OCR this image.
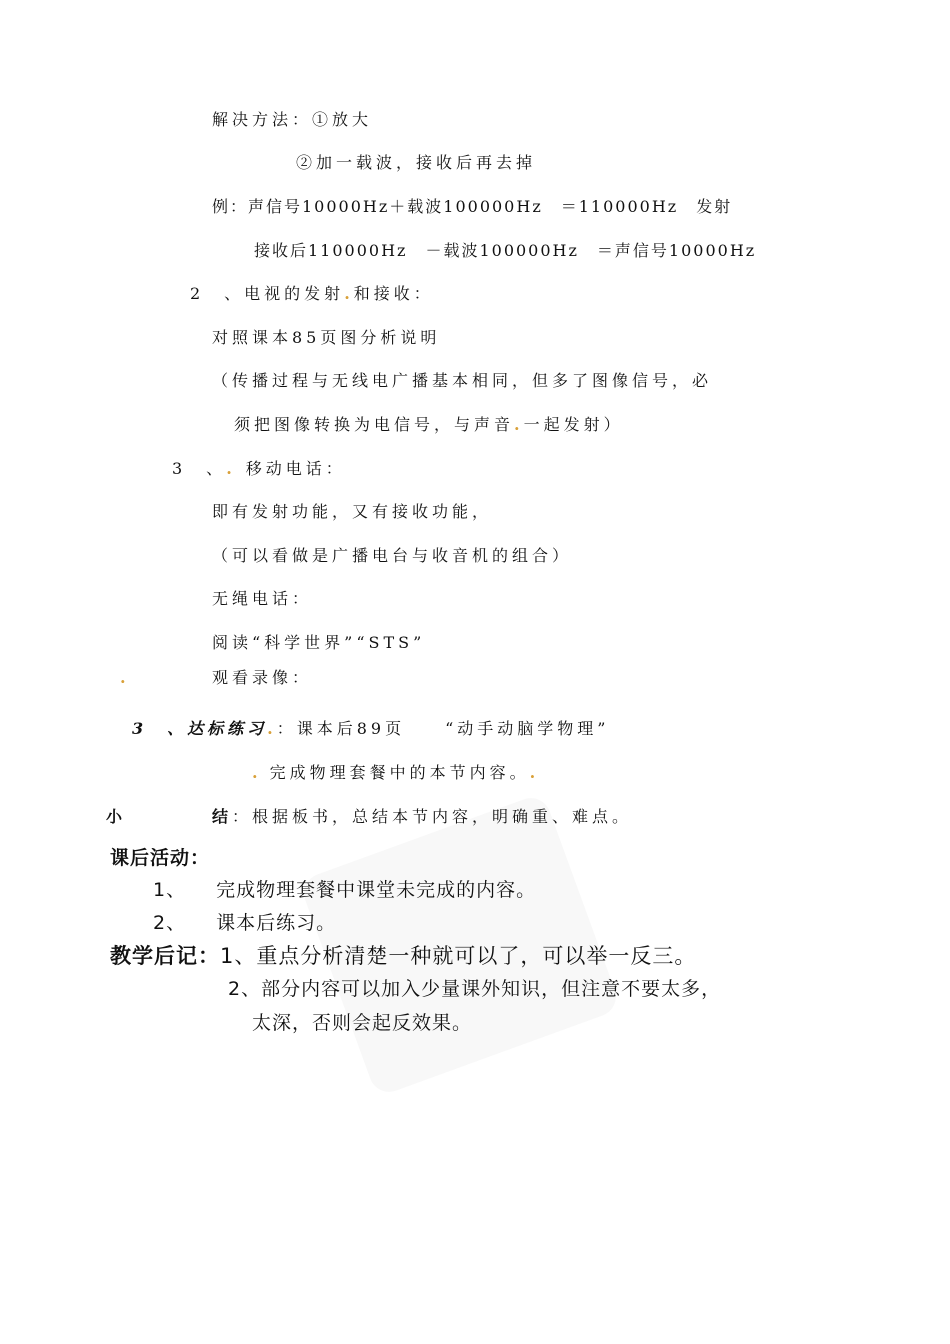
解决方法：①放大
②加一载波，接收后再去掉
例：声信号10000Hz＋载波100000Hz　＝110000Hz　发射
接收后110000Hz　－载波100000Hz　＝声信号10000Hz
2　、电视的发射.和接收：
对照课本85页图分析说明
（传播过程与无线电广播基本相同，但多了图像信号，必
须把图像转换为电信号，与声音.一起发射）
3　、. 移动电话：
即有发射功能，又有接收功能，
（可以看做是广播电台与收音机的组合）
无绳电话：
阅读“科学世界”“STS”
.	观看录像：
3　、达标练习.：课本后89页　　“动手动脑学物理”
. 完成物理套餐中的本节内容。.
小	结：根据板书，总结本节内容，明确重、难点。
课后活动：
1、 完成物理套餐中课堂未完成的内容。
2、 课本后练习。
教学后记：1、重点分析清楚一种就可以了，可以举一反三。
2、部分内容可以加入少量课外知识，但注意不要太多，
太深，否则会起反效果。
